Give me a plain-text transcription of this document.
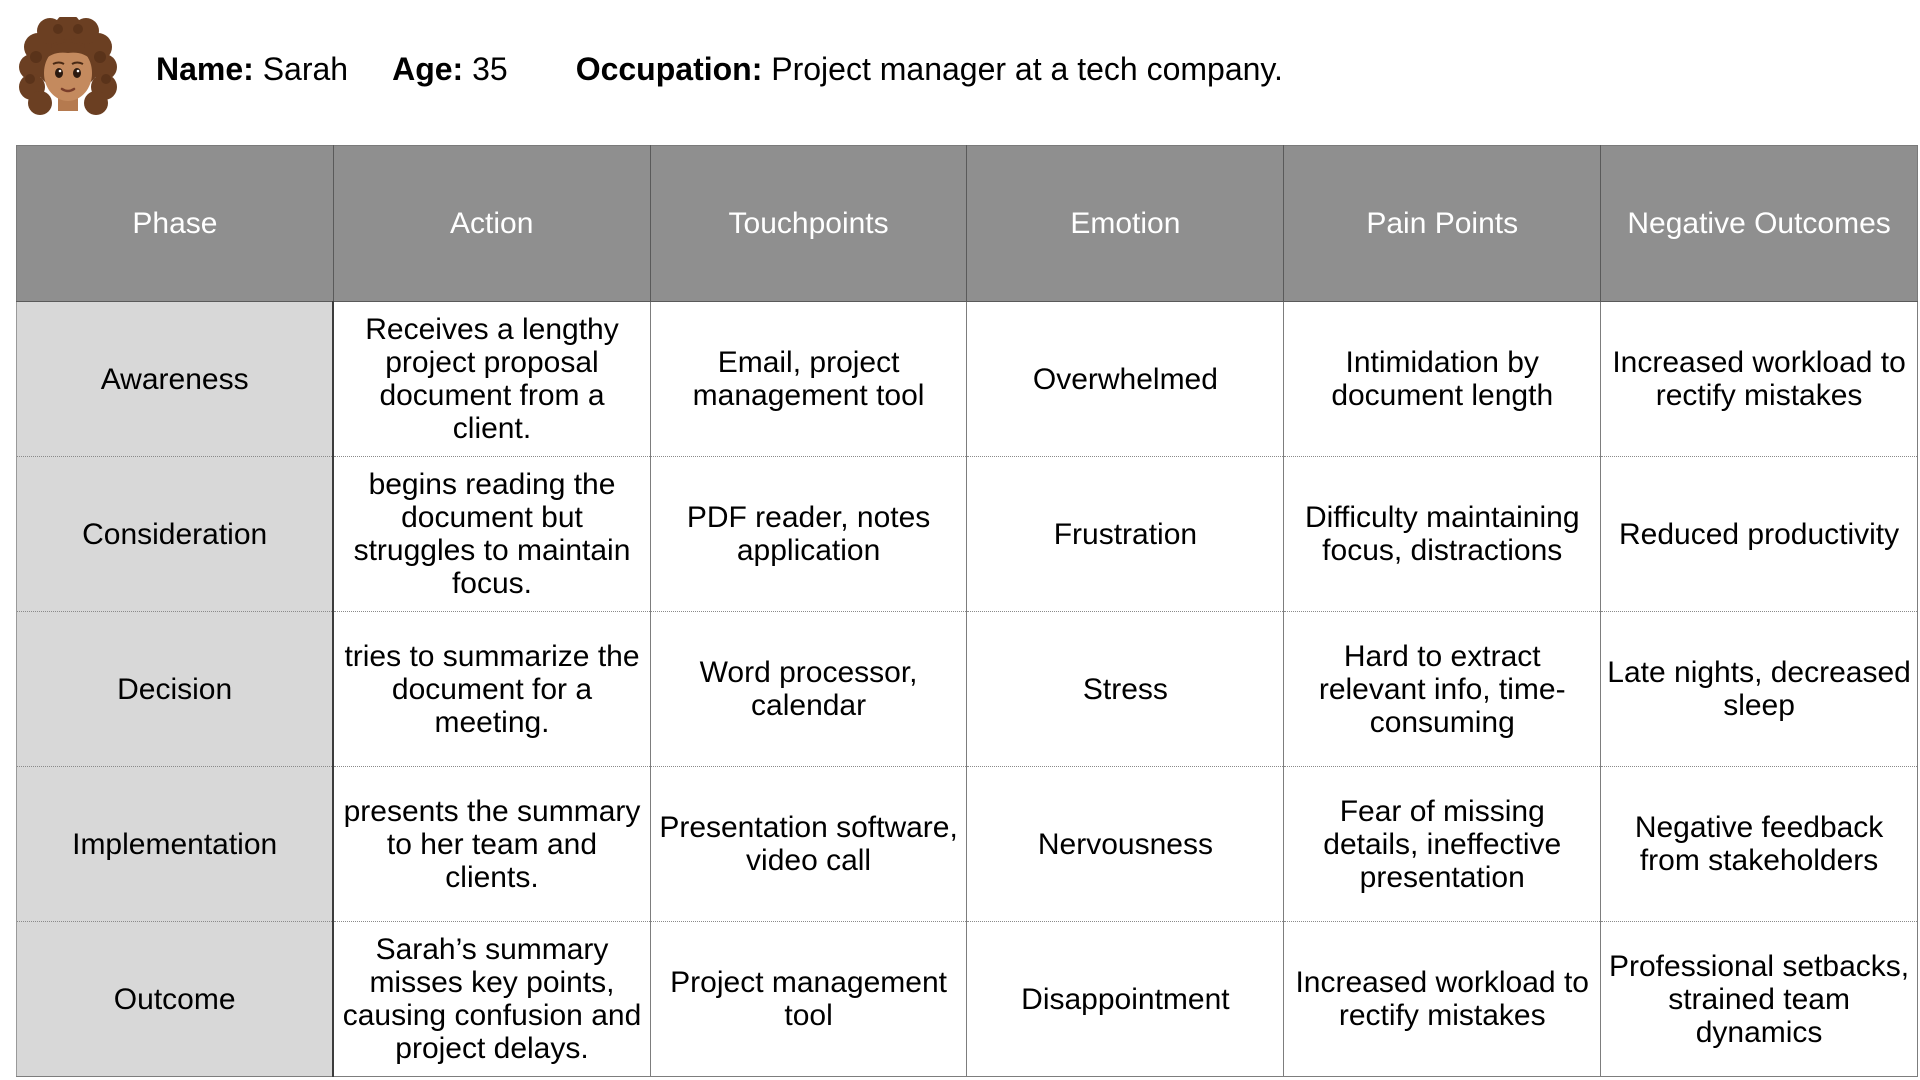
Name: Sarah Age: 35 Occupation: Project manager at a tech company.
Phase	Action	Touchpoints	Emotion	Pain Points	Negative Outcomes
Awareness	Receives a lengthy project proposal document from a client.	Email, project management tool	Overwhelmed	Intimidation by document length	Increased workload to rectify mistakes
Consideration	begins reading the document but struggles to maintain focus.	PDF reader, notes application	Frustration	Difficulty maintaining focus, distractions	Reduced productivity
Decision	tries to summarize the document for a meeting.	Word processor, calendar	Stress	Hard to extract relevant info, time-consuming	Late nights, decreased sleep
Implementation	presents the summary to her team and clients.	Presentation software, video call	Nervousness	Fear of missing details, ineffective presentation	Negative feedback from stakeholders
Outcome	Sarah’s summary misses key points, causing confusion and project delays.	Project management tool	Disappointment	Increased workload to rectify mistakes	Professional setbacks, strained team dynamics
